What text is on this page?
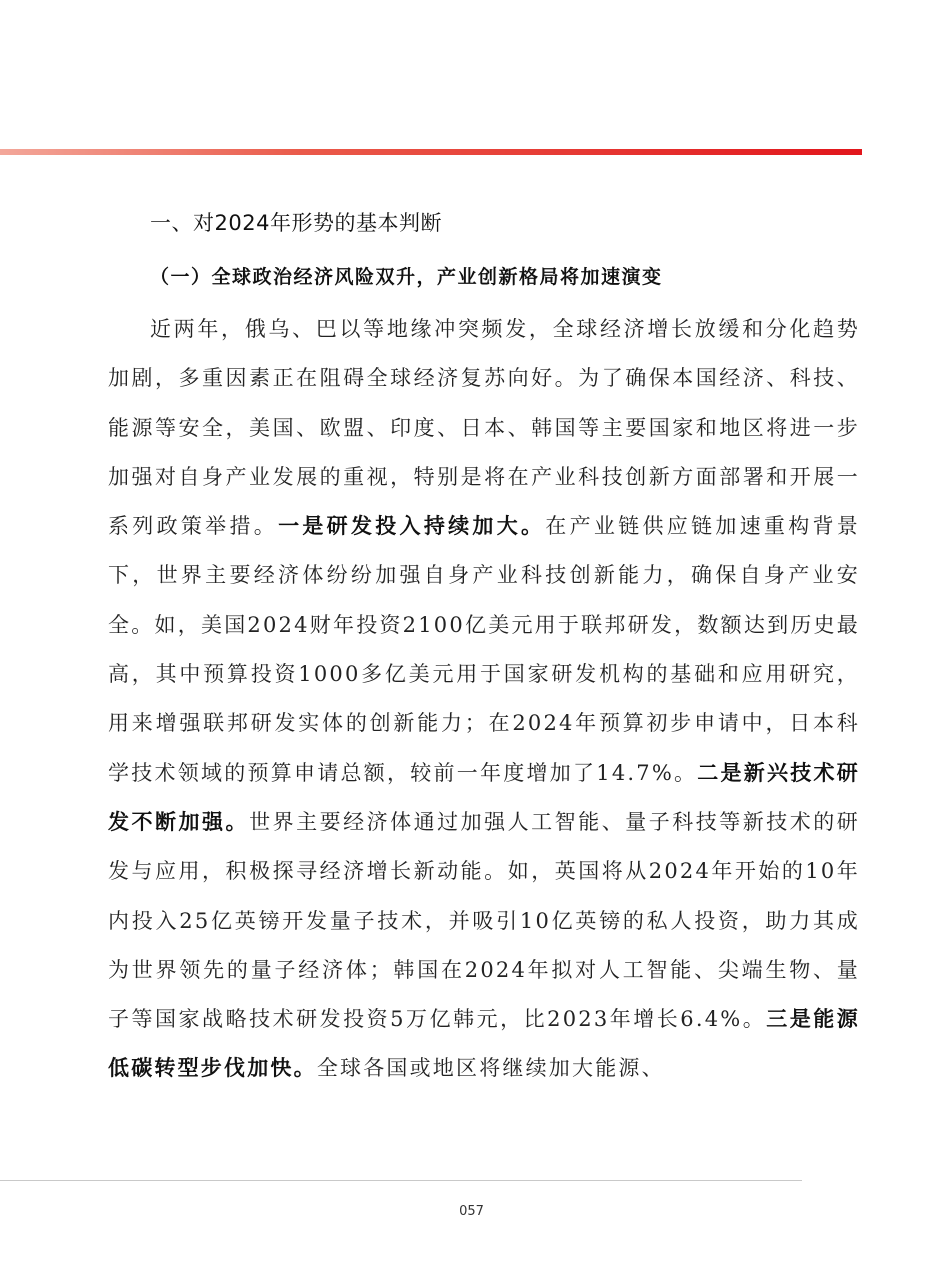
一、对2024年形势的基本判断
（一）全球政治经济风险双升，产业创新格局将加速演变

近两年，俄乌、巴以等地缘冲突频发，全球经济增长放缓和分化趋势加剧，多重因素正在阻碍全球经济复苏向好。为了确保本国经济、科技、能源等安全，美国、欧盟、印度、日本、韩国等主要国家和地区将进一步加强对自身产业发展的重视，特别是将在产业科技创新方面部署和开展一系列政策举措。一是研发投入持续加大。在产业链供应链加速重构背景下，世界主要经济体纷纷加强自身产业科技创新能力，确保自身产业安全。如，美国2024财年投资2100亿美元用于联邦研发，数额达到历史最高，其中预算投资1000多亿美元用于国家研发机构的基础和应用研究，用来增强联邦研发实体的创新能力；在2024年预算初步申请中，日本科学技术领域的预算申请总额，较前一年度增加了14.7%。二是新兴技术研发不断加强。世界主要经济体通过加强人工智能、量子科技等新技术的研发与应用，积极探寻经济增长新动能。如，英国将从2024年开始的10年内投入25亿英镑开发量子技术，并吸引10亿英镑的私人投资，助力其成为世界领先的量子经济体；韩国在2024年拟对人工智能、尖端生物、量子等国家战略技术研发投资5万亿韩元，比2023年增长6.4%。三是能源低碳转型步伐加快。全球各国或地区将继续加大能源、

057
